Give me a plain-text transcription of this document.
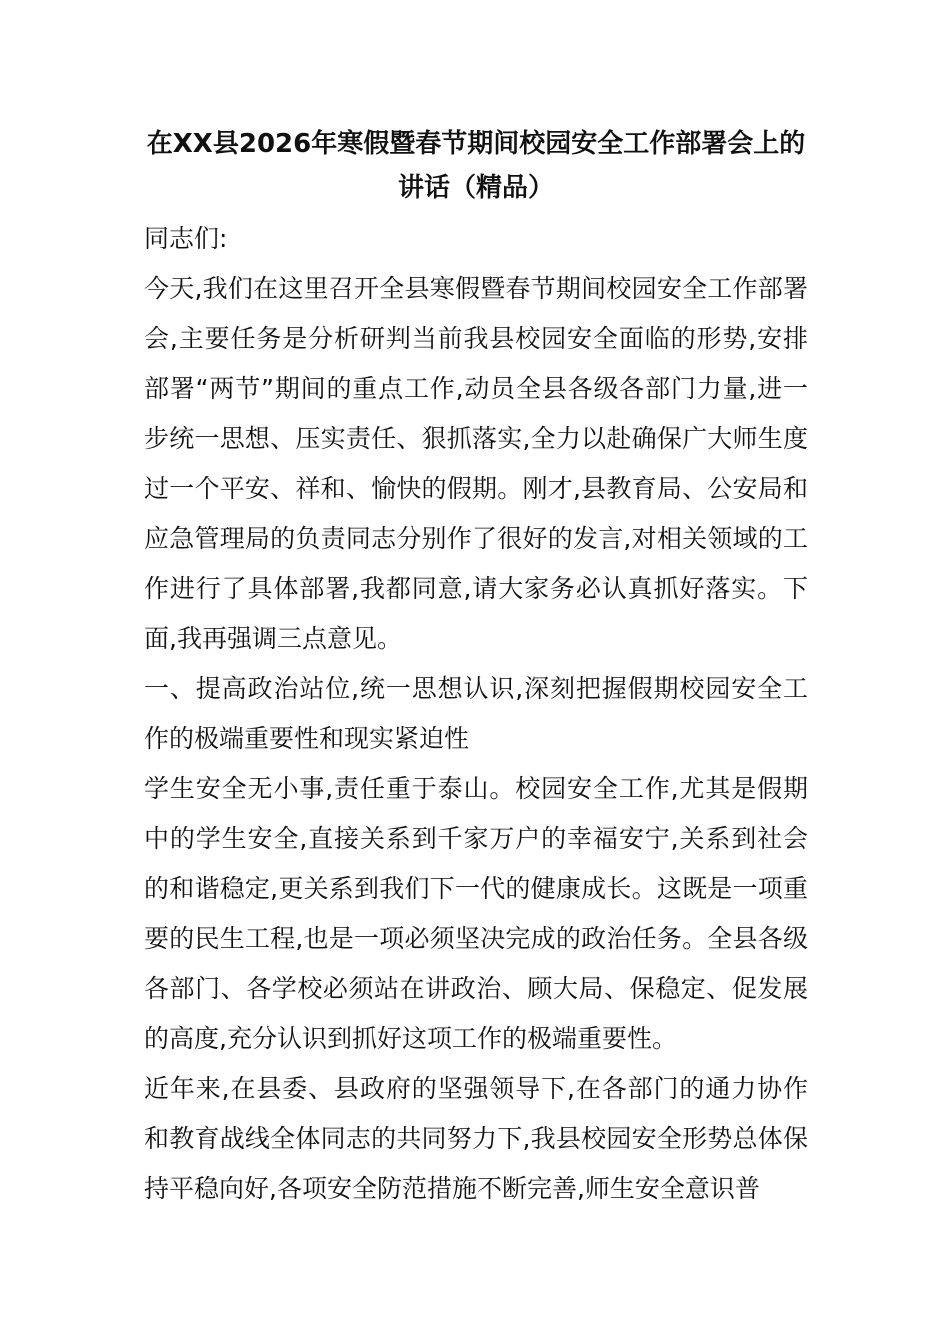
在XX县2026年寒假暨春节期间校园安全工作部署会上的讲话（精品）

同志们:

今天,我们在这里召开全县寒假暨春节期间校园安全工作部署会,主要任务是分析研判当前我县校园安全面临的形势,安排部署“两节”期间的重点工作,动员全县各级各部门力量,进一步统一思想、压实责任、狠抓落实,全力以赴确保广大师生度过一个平安、祥和、愉快的假期。刚才,县教育局、公安局和应急管理局的负责同志分别作了很好的发言,对相关领域的工作进行了具体部署,我都同意,请大家务必认真抓好落实。下面,我再强调三点意见。

一、提高政治站位,统一思想认识,深刻把握假期校园安全工作的极端重要性和现实紧迫性

学生安全无小事,责任重于泰山。校园安全工作,尤其是假期中的学生安全,直接关系到千家万户的幸福安宁,关系到社会的和谐稳定,更关系到我们下一代的健康成长。这既是一项重要的民生工程,也是一项必须坚决完成的政治任务。全县各级各部门、各学校必须站在讲政治、顾大局、保稳定、促发展的高度,充分认识到抓好这项工作的极端重要性。

近年来,在县委、县政府的坚强领导下,在各部门的通力协作和教育战线全体同志的共同努力下,我县校园安全形势总体保持平稳向好,各项安全防范措施不断完善,师生安全意识普
